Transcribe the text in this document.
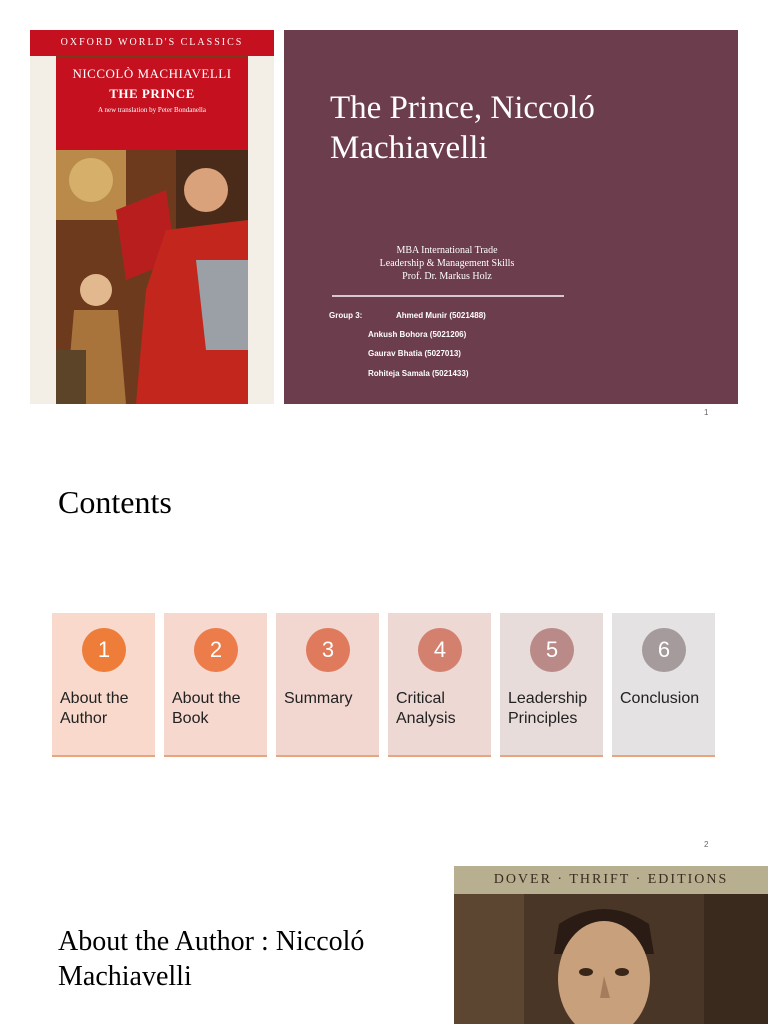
OXFORD WORLD'S CLASSICS
NICCOLÒ MACHIAVELLI
THE PRINCE
A new translation by Peter Bondanella	The Prince, Niccoló Machiavelli
MBA International Trade
Leadership & Management Skills
Prof. Dr. Markus Holz
Group 3:	Ahmed Munir (5021488)
Ankush Bohora (5021206)
Gaurav Bhatia (5027013)
Rohiteja Samala (5021433)
1
Contents
1
About the Author
2
About the Book
3
Summary
4
Critical Analysis
5
Leadership Principles
6
Conclusion
2
About the Author : Niccoló Machiavelli
DOVER · THRIFT · EDITIONS
